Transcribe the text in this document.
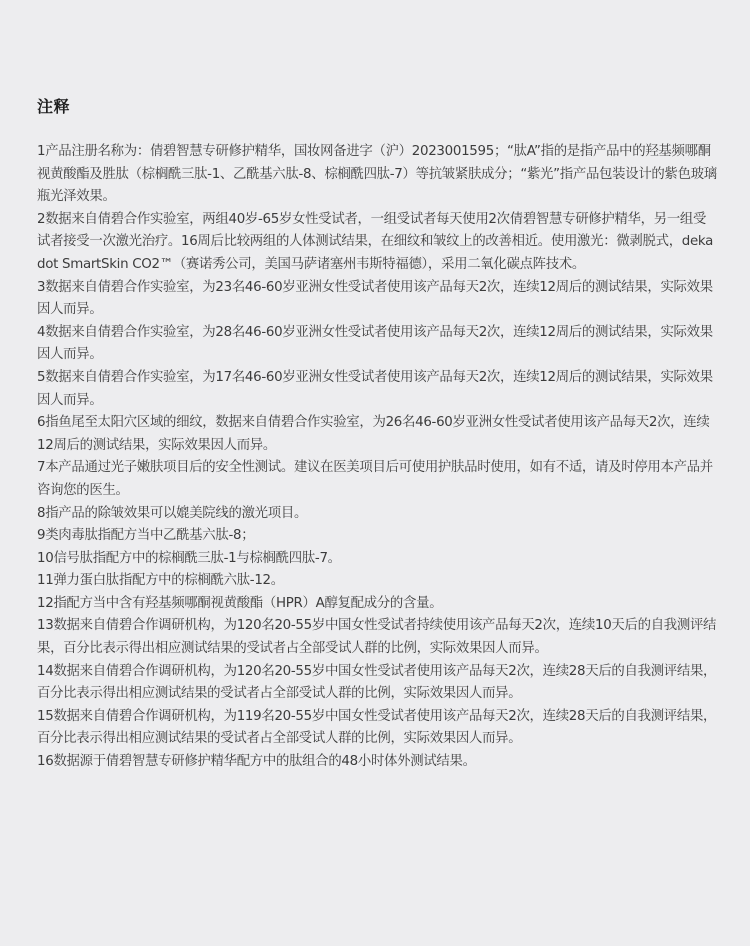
注释

1产品注册名称为：倩碧智慧专研修护精华，国妆网备进字（沪）2023001595；“肽A”指的是指产品中的羟基频哪酮视黄酸酯及胜肽（棕榈酰三肽-1、乙酰基六肽-8、棕榈酰四肽-7）等抗皱紧肤成分；“紫光”指产品包装设计的紫色玻璃瓶光泽效果。

2数据来自倩碧合作实验室，两组40岁-65岁女性受试者，一组受试者每天使用2次倩碧智慧专研修护精华，另一组受试者接受一次激光治疗。16周后比较两组的人体测试结果，在细纹和皱纹上的改善相近。使用激光：微剥脱式，deka dot SmartSkin CO2™（赛诺秀公司，美国马萨诸塞州韦斯特福德），采用二氧化碳点阵技术。

3数据来自倩碧合作实验室，为23名46-60岁亚洲女性受试者使用该产品每天2次，连续12周后的测试结果，实际效果因人而异。

4数据来自倩碧合作实验室，为28名46-60岁亚洲女性受试者使用该产品每天2次，连续12周后的测试结果，实际效果因人而异。

5数据来自倩碧合作实验室，为17名46-60岁亚洲女性受试者使用该产品每天2次，连续12周后的测试结果，实际效果因人而异。

6指鱼尾至太阳穴区域的细纹，数据来自倩碧合作实验室，为26名46-60岁亚洲女性受试者使用该产品每天2次，连续12周后的测试结果，实际效果因人而异。

7本产品通过光子嫩肤项目后的安全性测试。建议在医美项目后可使用护肤品时使用，如有不适，请及时停用本产品并咨询您的医生。

8指产品的除皱效果可以媲美院线的激光项目。

9类肉毒肽指配方当中乙酰基六肽-8；

10信号肽指配方中的棕榈酰三肽-1与棕榈酰四肽-7。

11弹力蛋白肽指配方中的棕榈酰六肽-12。

12指配方当中含有羟基频哪酮视黄酸酯（HPR）A醇复配成分的含量。

13数据来自倩碧合作调研机构，为120名20-55岁中国女性受试者持续使用该产品每天2次，连续10天后的自我测评结果，百分比表示得出相应测试结果的受试者占全部受试人群的比例，实际效果因人而异。

14数据来自倩碧合作调研机构，为120名20-55岁中国女性受试者使用该产品每天2次，连续28天后的自我测评结果，百分比表示得出相应测试结果的受试者占全部受试人群的比例，实际效果因人而异。

15数据来自倩碧合作调研机构，为119名20-55岁中国女性受试者使用该产品每天2次，连续28天后的自我测评结果，百分比表示得出相应测试结果的受试者占全部受试人群的比例，实际效果因人而异。

16数据源于倩碧智慧专研修护精华配方中的肽组合的48小时体外测试结果。
